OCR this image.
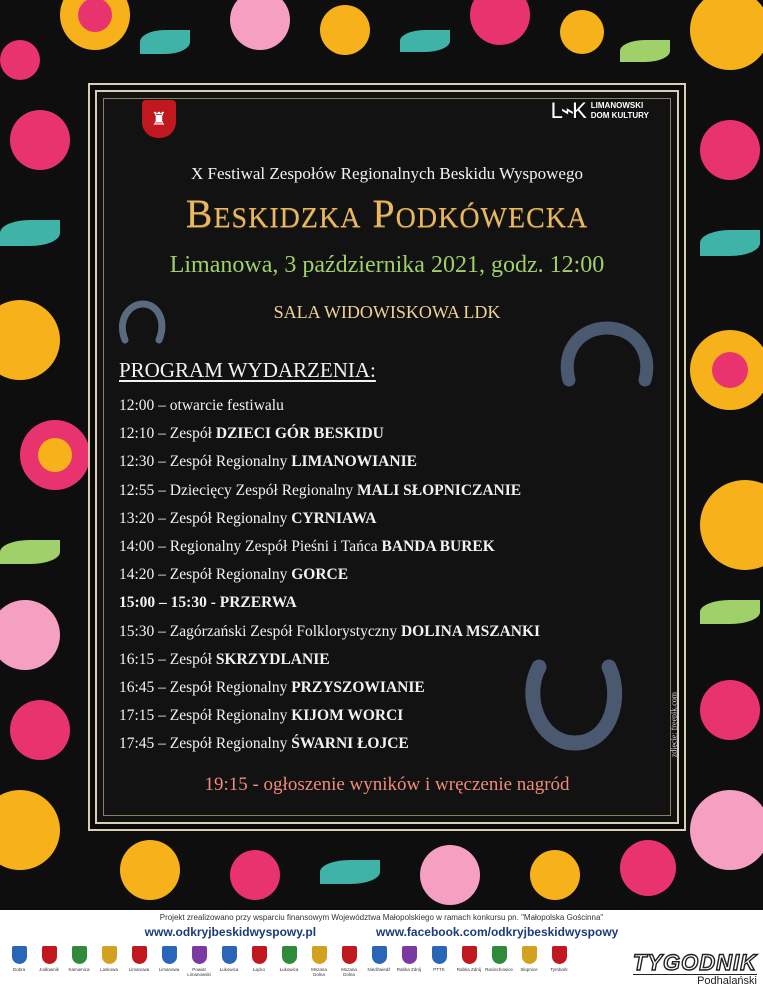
♜	L⌁K LIMANOWSKI
DOM KULTURY
X Festiwal Zespołów Regionalnych Beskidu Wyspowego
Beskidzka Podkówecka
Limanowa, 3 października 2021, godz. 12:00
SALA WIDOWISKOWA LDK
PROGRAM WYDARZENIA:
12:00 – otwarcie festiwalu
12:10 – Zespół DZIECI GÓR BESKIDU
12:30 – Zespół Regionalny LIMANOWIANIE
12:55 – Dziecięcy Zespół Regionalny MALI SŁOPNICZANIE
13:20 – Zespół Regionalny CYRNIAWA
14:00 – Regionalny Zespół Pieśni i Tańca BANDA BUREK
14:20 – Zespół Regionalny GORCE
15:00 – 15:30 - PRZERWA
15:30 – Zagórzański Zespół Folklorystyczny DOLINA MSZANKI
16:15 – Zespół SKRZYDLANIE
16:45 – Zespół Regionalny PRZYSZOWIANIE
17:15 – Zespół Regionalny KIJOM WORCI
17:45 – Zespół Regionalny ŚWARNI ŁOJCE
19:15 - ogłoszenie wyników i wręczenie nagród
zdjęcie: freepik.com
Projekt zrealizowano przy wsparciu finansowym Województwa Małopolskiego w ramach konkursu pn. "Małopolska Gościnna"
www.odkryjbeskidwyspowy.pl	www.facebook.com/odkryjbeskidwyspowy
Dobra	Jodłownik Kamienica Laskowa Limanowa Limanowa	Powiat Limanowski
Łukowica	Łącko	Łukowica	Mszana Dolna
Mszana Dolna
Niedźwiedź Rabka Zdrój	PTTK	Rabka Zdrój Raciechowice Słopnice	Tymbark	TYGODNIK
Podhalański
